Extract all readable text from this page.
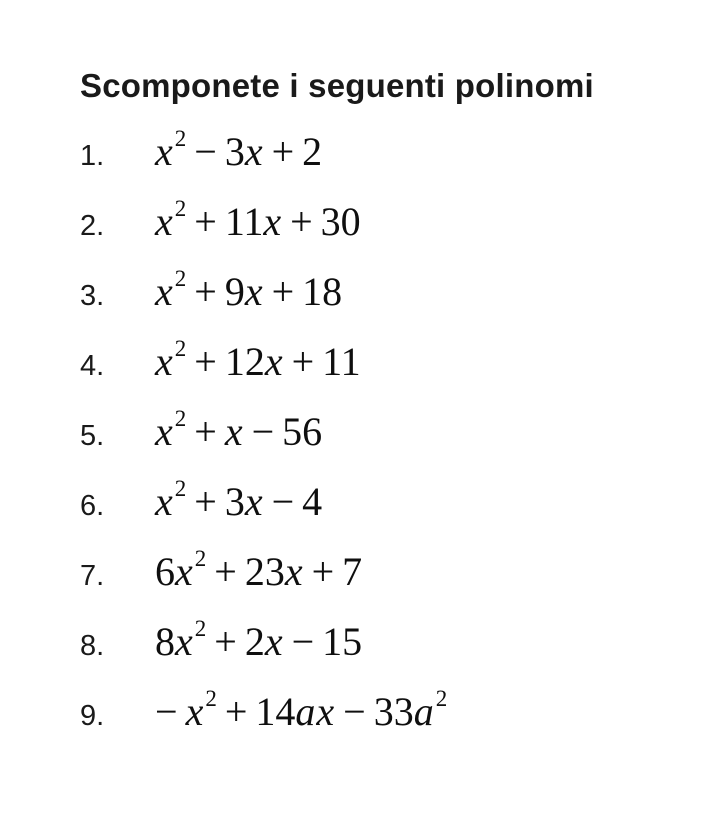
Scomponete i seguenti polinomi
1. $x^2 - 3x + 2$
2. $x^2 + 11x + 30$
3. $x^2 + 9x + 18$
4. $x^2 + 12x + 11$
5. $x^2 + x - 56$
6. $x^2 + 3x - 4$
7. $6x^2 + 23x + 7$
8. $8x^2 + 2x - 15$
9. − $x^2 + 14ax - 33a^2$
